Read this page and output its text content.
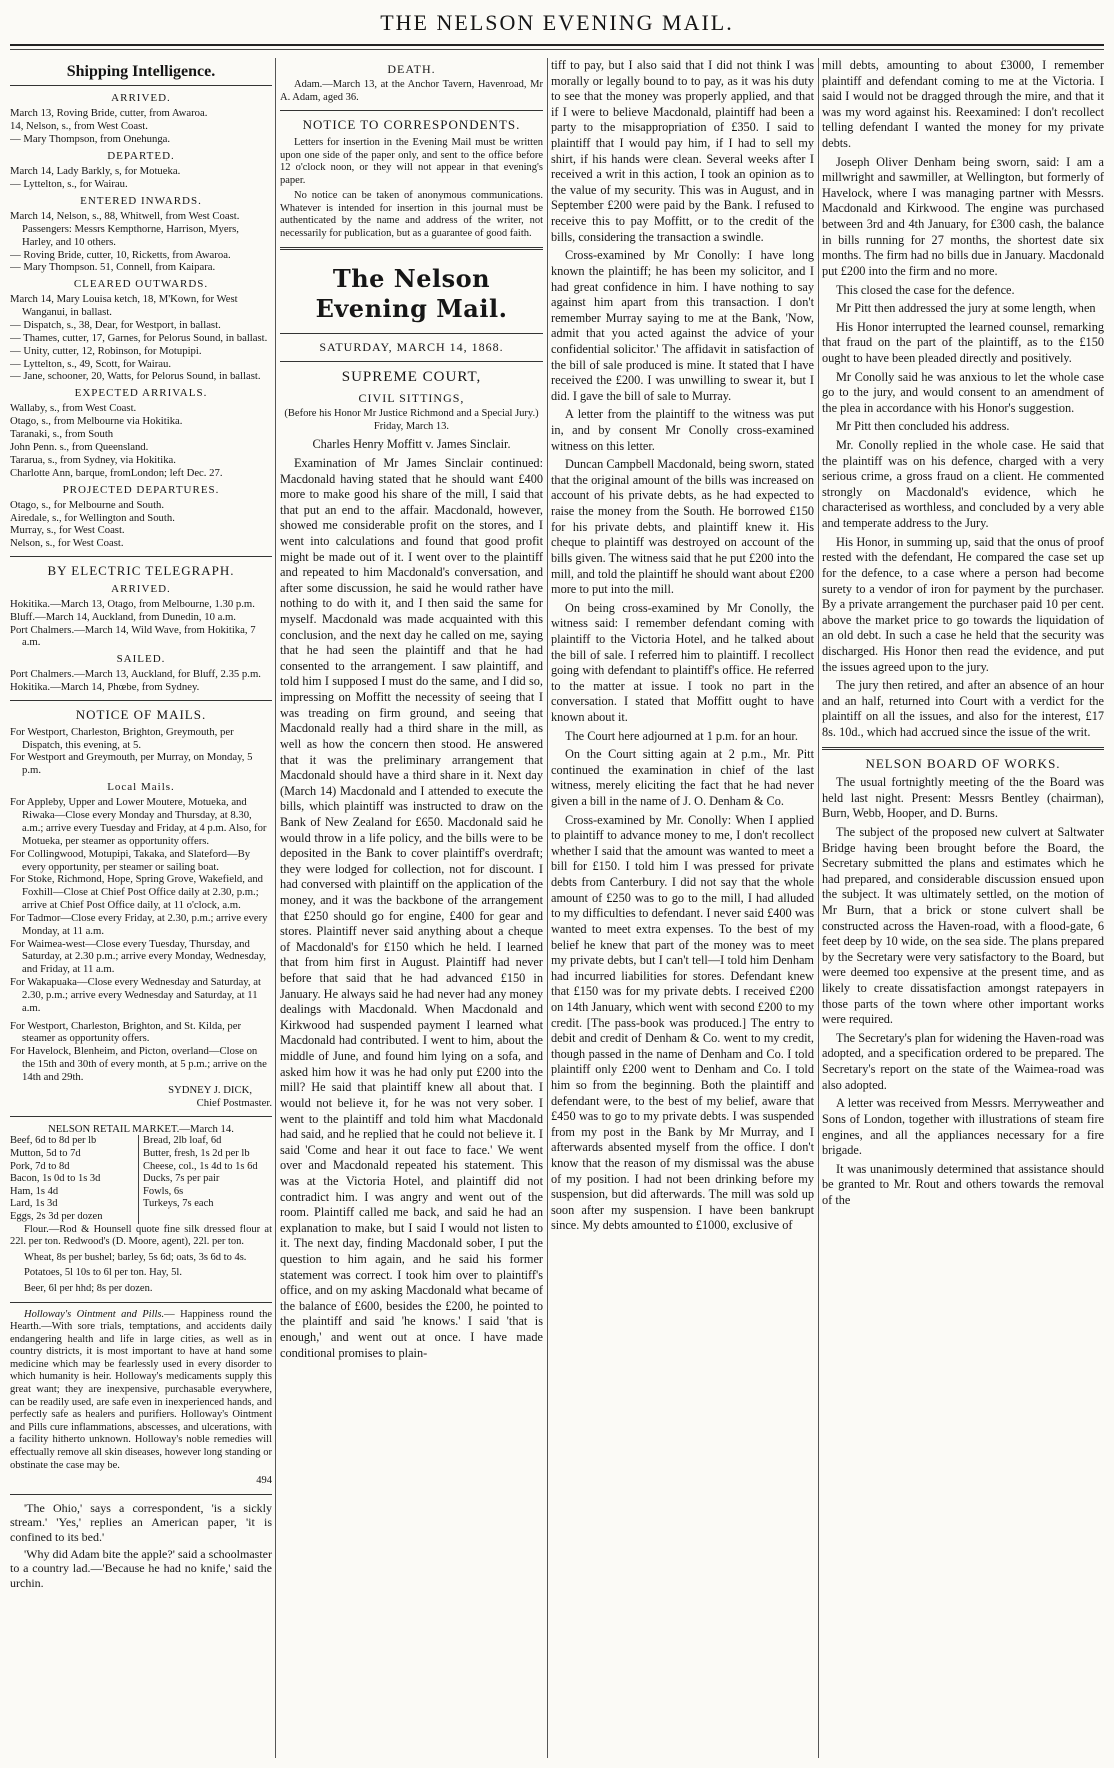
THE NELSON EVENING MAIL.
Shipping Intelligence.
ARRIVED.
March 13, Roving Bride, cutter, from Awaroa.
14, Nelson, s., from West Coast.
— Mary Thompson, from Onehunga.
DEPARTED.
March 14, Lady Barkly, s, for Motueka.
— Lyttelton, s., for Wairau.
ENTERED INWARDS.
March 14, Nelson, s., 88, Whitwell, from West Coast. Passengers: Messrs Kempthorne, Harrison, Myers, Harley, and 10 others.
— Roving Bride, cutter, 10, Ricketts, from Awaroa.
— Mary Thompson. 51, Connell, from Kaipara.
CLEARED OUTWARDS.
March 14, Mary Louisa ketch, 18, M'Kown, for West Wanganui, in ballast.
— Dispatch, s., 38, Dear, for Westport, in ballast.
— Thames, cutter, 17, Garnes, for Pelorus Sound, in ballast.
— Unity, cutter, 12, Robinson, for Motupipi.
— Lyttelton, s., 49, Scott, for Wairau.
— Jane, schooner, 20, Watts, for Pelorus Sound, in ballast.
EXPECTED ARRIVALS.
Wallaby, s., from West Coast.
Otago, s., from Melbourne via Hokitika.
Taranaki, s., from South
John Penn. s., from Queensland.
Tararua, s., from Sydney, via Hokitika.
Charlotte Ann, barque, fromLondon; left Dec. 27.
PROJECTED DEPARTURES.
Otago, s., for Melbourne and South.
Airedale, s., for Wellington and South.
Murray, s., for West Coast.
Nelson, s., for West Coast.
BY ELECTRIC TELEGRAPH.
ARRIVED.
Hokitika.—March 13, Otago, from Melbourne, 1.30 p.m.
Bluff.—March 14, Auckland, from Dunedin, 10 a.m.
Port Chalmers.—March 14, Wild Wave, from Hokitika, 7 a.m.
SAILED.
Port Chalmers.—March 13, Auckland, for Bluff, 2.35 p.m.
Hokitika.—March 14, Phœbe, from Sydney.
NOTICE OF MAILS.
For Westport, Charleston, Brighton, Greymouth, per Dispatch, this evening, at 5.
For Westport and Greymouth, per Murray, on Monday, 5 p.m.
Local Mails.
For Appleby, Upper and Lower Moutere, Motueka, and Riwaka—Close every Monday and Thursday, at 8.30, a.m.; arrive every Tuesday and Friday, at 4 p.m. Also, for Motueka, per steamer as opportunity offers.
For Collingwood, Motupipi, Takaka, and Slateford—By every opportunity, per steamer or sailing boat.
For Stoke, Richmond, Hope, Spring Grove, Wakefield, and Foxhill—Close at Chief Post Office daily at 2.30, p.m.; arrive at Chief Post Office daily, at 11 o'clock, a.m.
For Tadmor—Close every Friday, at 2.30, p.m.; arrive every Monday, at 11 a.m.
For Waimea-west—Close every Tuesday, Thursday, and Saturday, at 2.30 p.m.; arrive every Monday, Wednesday, and Friday, at 11 a.m.
For Wakapuaka—Close every Wednesday and Saturday, at 2.30, p.m.; arrive every Wednesday and Saturday, at 11 a.m.
For Westport, Charleston, Brighton, and St. Kilda, per steamer as opportunity offers.
For Havelock, Blenheim, and Picton, overland—Close on the 15th and 30th of every month, at 5 p.m.; arrive on the 14th and 29th.
SYDNEY J. DICK,
Chief Postmaster.
NELSON RETAIL MARKET.—March 14.
Beef, 6d to 8d per lb	Bread, 2lb loaf, 6d
Mutton, 5d to 7d	Butter, fresh, 1s 2d per lb
Pork, 7d to 8d	Cheese, col., 1s 4d to 1s 6d
Bacon, 1s 0d to 1s 3d	Ducks, 7s per pair
Ham, 1s 4d	Fowls, 6s
Lard, 1s 3d	Turkeys, 7s each
Eggs, 2s 3d per dozen

Flour.—Rod & Hounsell quote fine silk dressed flour at 22l. per ton. Redwood's (D. Moore, agent), 22l. per ton.

Wheat, 8s per bushel; barley, 5s 6d; oats, 3s 6d to 4s.

Potatoes, 5l 10s to 6l per ton. Hay, 5l.

Beer, 6l per hhd; 8s per dozen.

Holloway's Ointment and Pills.— Happiness round the Hearth.—With sore trials, temptations, and accidents daily endangering health and life in large cities, as well as in country districts, it is most important to have at hand some medicine which may be fearlessly used in every disorder to which humanity is heir. Holloway's medicaments supply this great want; they are inexpensive, purchasable everywhere, can be readily used, are safe even in inexperienced hands, and perfectly safe as healers and purifiers. Holloway's Ointment and Pills cure inflammations, abscesses, and ulcerations, with a facility hitherto unknown. Holloway's noble remedies will effectually remove all skin diseases, however long standing or obstinate the case may be.

494

'The Ohio,' says a correspondent, 'is a sickly stream.' 'Yes,' replies an American paper, 'it is confined to its bed.'

'Why did Adam bite the apple?' said a schoolmaster to a country lad.—'Because he had no knife,' said the urchin.

DEATH.

Adam.—March 13, at the Anchor Tavern, Havenroad, Mr A. Adam, aged 36.

NOTICE TO CORRESPONDENTS.

Letters for insertion in the Evening Mail must be written upon one side of the paper only, and sent to the office before 12 o'clock noon, or they will not appear in that evening's paper.

No notice can be taken of anonymous communications. Whatever is intended for insertion in this journal must be authenticated by the name and address of the writer, not necessarily for publication, but as a guarantee of good faith.

The Nelson Evening Mail.
SATURDAY, MARCH 14, 1868.
SUPREME COURT,
CIVIL SITTINGS,
(Before his Honor Mr Justice Richmond and a Special Jury.)
Friday, March 13.

Charles Henry Moffitt v. James Sinclair.

Examination of Mr James Sinclair continued: Macdonald having stated that he should want £400 more to make good his share of the mill, I said that that put an end to the affair. Macdonald, however, showed me considerable profit on the stores, and I went into calculations and found that good profit might be made out of it. I went over to the plaintiff and repeated to him Macdonald's conversation, and after some discussion, he said he would rather have nothing to do with it, and I then said the same for myself. Macdonald was made acquainted with this conclusion, and the next day he called on me, saying that he had seen the plaintiff and that he had consented to the arrangement. I saw plaintiff, and told him I supposed I must do the same, and I did so, impressing on Moffitt the necessity of seeing that I was treading on firm ground, and seeing that Macdonald really had a third share in the mill, as well as how the concern then stood. He answered that it was the preliminary arrangement that Macdonald should have a third share in it. Next day (March 14) Macdonald and I attended to execute the bills, which plaintiff was instructed to draw on the Bank of New Zealand for £650. Macdonald said he would throw in a life policy, and the bills were to be deposited in the Bank to cover plaintiff's overdraft; they were lodged for collection, not for discount. I had conversed with plaintiff on the application of the money, and it was the backbone of the arrangement that £250 should go for engine, £400 for gear and stores. Plaintiff never said anything about a cheque of Macdonald's for £150 which he held. I learned that from him first in August. Plaintiff had never before that said that he had advanced £150 in January. He always said he had never had any money dealings with Macdonald. When Macdonald and Kirkwood had suspended payment I learned what Macdonald had contributed. I went to him, about the middle of June, and found him lying on a sofa, and asked him how it was he had only put £200 into the mill? He said that plaintiff knew all about that. I would not believe it, for he was not very sober. I went to the plaintiff and told him what Macdonald had said, and he replied that he could not believe it. I said 'Come and hear it out face to face.' We went over and Macdonald repeated his statement. This was at the Victoria Hotel, and plaintiff did not contradict him. I was angry and went out of the room. Plaintiff called me back, and said he had an explanation to make, but I said I would not listen to it. The next day, finding Macdonald sober, I put the question to him again, and he said his former statement was correct. I took him over to plaintiff's office, and on my asking Macdonald what became of the balance of £600, besides the £200, he pointed to the plaintiff and said 'he knows.' I said 'that is enough,' and went out at once. I have made conditional promises to plain-

tiff to pay, but I also said that I did not think I was morally or legally bound to to pay, as it was his duty to see that the money was properly applied, and that if I were to believe Macdonald, plaintiff had been a party to the misappropriation of £350. I said to plaintiff that I would pay him, if I had to sell my shirt, if his hands were clean. Several weeks after I received a writ in this action, I took an opinion as to the value of my security. This was in August, and in September £200 were paid by the Bank. I refused to receive this to pay Moffitt, or to the credit of the bills, considering the transaction a swindle.

Cross-examined by Mr Conolly: I have long known the plaintiff; he has been my solicitor, and I had great confidence in him. I have nothing to say against him apart from this transaction. I don't remember Murray saying to me at the Bank, 'Now, admit that you acted against the advice of your confidential solicitor.' The affidavit in satisfaction of the bill of sale produced is mine. It stated that I have received the £200. I was unwilling to swear it, but I did. I gave the bill of sale to Murray.

A letter from the plaintiff to the witness was put in, and by consent Mr Conolly cross-examined witness on this letter.

Duncan Campbell Macdonald, being sworn, stated that the original amount of the bills was increased on account of his private debts, as he had expected to raise the money from the South. He borrowed £150 for his private debts, and plaintiff knew it. His cheque to plaintiff was destroyed on account of the bills given. The witness said that he put £200 into the mill, and told the plaintiff he should want about £200 more to put into the mill.

On being cross-examined by Mr Conolly, the witness said: I remember defendant coming with plaintiff to the Victoria Hotel, and he talked about the bill of sale. I referred him to plaintiff. I recollect going with defendant to plaintiff's office. He referred to the matter at issue. I took no part in the conversation. I stated that Moffitt ought to have known about it.

The Court here adjourned at 1 p.m. for an hour.

On the Court sitting again at 2 p.m., Mr. Pitt continued the examination in chief of the last witness, merely eliciting the fact that he had never given a bill in the name of J. O. Denham & Co.

Cross-examined by Mr. Conolly: When I applied to plaintiff to advance money to me, I don't recollect whether I said that the amount was wanted to meet a bill for £150. I told him I was pressed for private debts from Canterbury. I did not say that the whole amount of £250 was to go to the mill, I had alluded to my difficulties to defendant. I never said £400 was wanted to meet extra expenses. To the best of my belief he knew that part of the money was to meet my private debts, but I can't tell—I told him Denham had incurred liabilities for stores. Defendant knew that £150 was for my private debts. I received £200 on 14th January, which went with second £200 to my credit. [The pass-book was produced.] The entry to debit and credit of Denham & Co. went to my credit, though passed in the name of Denham and Co. I told plaintiff only £200 went to Denham and Co. I told him so from the beginning. Both the plaintiff and defendant were, to the best of my belief, aware that £450 was to go to my private debts. I was suspended from my post in the Bank by Mr Murray, and I afterwards absented myself from the office. I don't know that the reason of my dismissal was the abuse of my position. I had not been drinking before my suspension, but did afterwards. The mill was sold up soon after my suspension. I have been bankrupt since. My debts amounted to £1000, exclusive of

mill debts, amounting to about £3000, I remember plaintiff and defendant coming to me at the Victoria. I said I would not be dragged through the mire, and that it was my word against his. Reexamined: I don't recollect telling defendant I wanted the money for my private debts.

Joseph Oliver Denham being sworn, said: I am a millwright and sawmiller, at Wellington, but formerly of Havelock, where I was managing partner with Messrs. Macdonald and Kirkwood. The engine was purchased between 3rd and 4th January, for £300 cash, the balance in bills running for 27 months, the shortest date six months. The firm had no bills due in January. Macdonald put £200 into the firm and no more.

This closed the case for the defence.

Mr Pitt then addressed the jury at some length, when

His Honor interrupted the learned counsel, remarking that fraud on the part of the plaintiff, as to the £150 ought to have been pleaded directly and positively.

Mr Conolly said he was anxious to let the whole case go to the jury, and would consent to an amendment of the plea in accordance with his Honor's suggestion.

Mr Pitt then concluded his address.

Mr. Conolly replied in the whole case. He said that the plaintiff was on his defence, charged with a very serious crime, a gross fraud on a client. He commented strongly on Macdonald's evidence, which he characterised as worthless, and concluded by a very able and temperate address to the Jury.

His Honor, in summing up, said that the onus of proof rested with the defendant, He compared the case set up for the defence, to a case where a person had become surety to a vendor of iron for payment by the purchaser. By a private arrangement the purchaser paid 10 per cent. above the market price to go towards the liquidation of an old debt. In such a case he held that the security was discharged. His Honor then read the evidence, and put the issues agreed upon to the jury.

The jury then retired, and after an absence of an hour and an half, returned into Court with a verdict for the plaintiff on all the issues, and also for the interest, £17 8s. 10d., which had accrued since the issue of the writ.

NELSON BOARD OF WORKS.

The usual fortnightly meeting of the the Board was held last night. Present: Messrs Bentley (chairman), Burn, Webb, Hooper, and D. Burns.

The subject of the proposed new culvert at Saltwater Bridge having been brought before the Board, the Secretary submitted the plans and estimates which he had prepared, and considerable discussion ensued upon the subject. It was ultimately settled, on the motion of Mr Burn, that a brick or stone culvert shall be constructed across the Haven-road, with a flood-gate, 6 feet deep by 10 wide, on the sea side. The plans prepared by the Secretary were very satisfactory to the Board, but were deemed too expensive at the present time, and as likely to create dissatisfaction amongst ratepayers in those parts of the town where other important works were required.

The Secretary's plan for widening the Haven-road was adopted, and a specification ordered to be prepared. The Secretary's report on the state of the Waimea-road was also adopted.

A letter was received from Messrs. Merryweather and Sons of London, together with illustrations of steam fire engines, and all the appliances necessary for a fire brigade.

It was unanimously determined that assistance should be granted to Mr. Rout and others towards the removal of the
